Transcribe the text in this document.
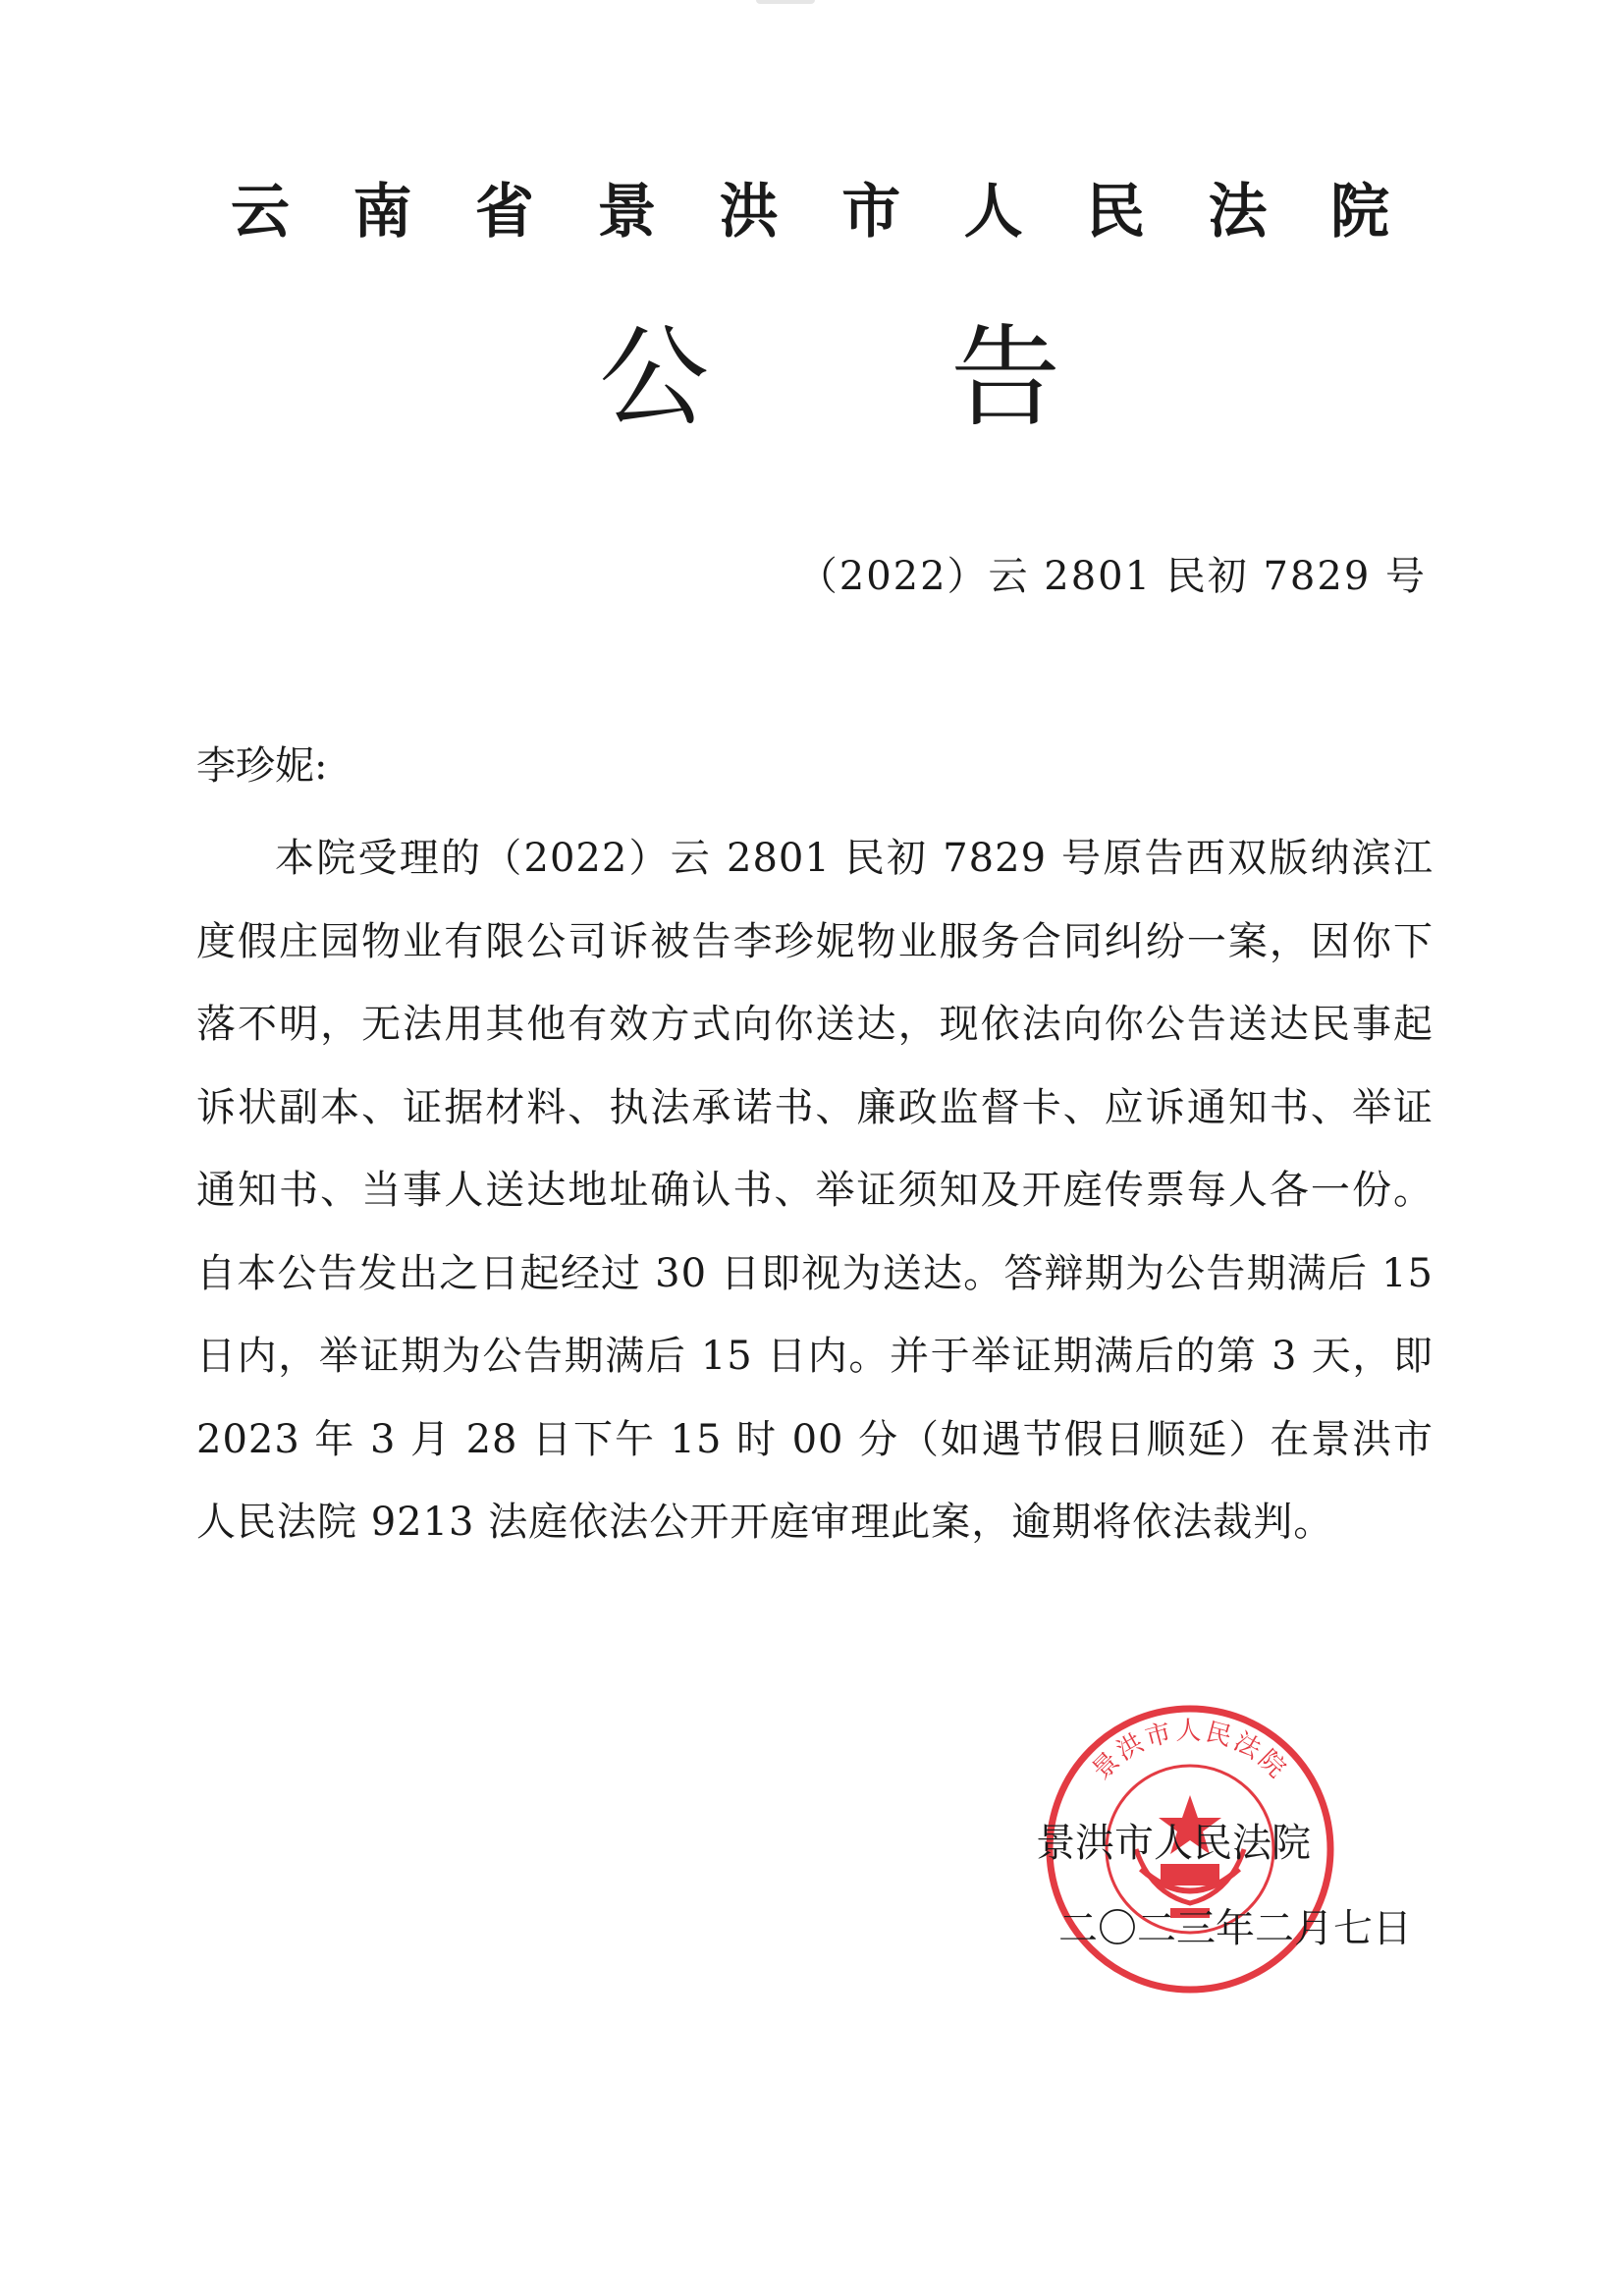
云 南 省 景 洪 市 人 民 法 院
公 告
（2022）云 2801 民初 7829 号
李珍妮:

本院受理的（2022）云 2801 民初 7829 号原告西双版纳滨江度假庄园物业有限公司诉被告李珍妮物业服务合同纠纷一案，因你下落不明，无法用其他有效方式向你送达，现依法向你公告送达民事起诉状副本、证据材料、执法承诺书、廉政监督卡、应诉通知书、举证通知书、当事人送达地址确认书、举证须知及开庭传票每人各一份。自本公告发出之日起经过 30 日即视为送达。答辩期为公告期满后 15 日内，举证期为公告期满后 15 日内。并于举证期满后的第 3 天，即 2023 年 3 月 28 日下午 15 时 00 分（如遇节假日顺延）在景洪市人民法院 9213 法庭依法公开开庭审理此案，逾期将依法裁判。

景洪市人民法院
景洪市人民法院
二〇二三年二月七日
